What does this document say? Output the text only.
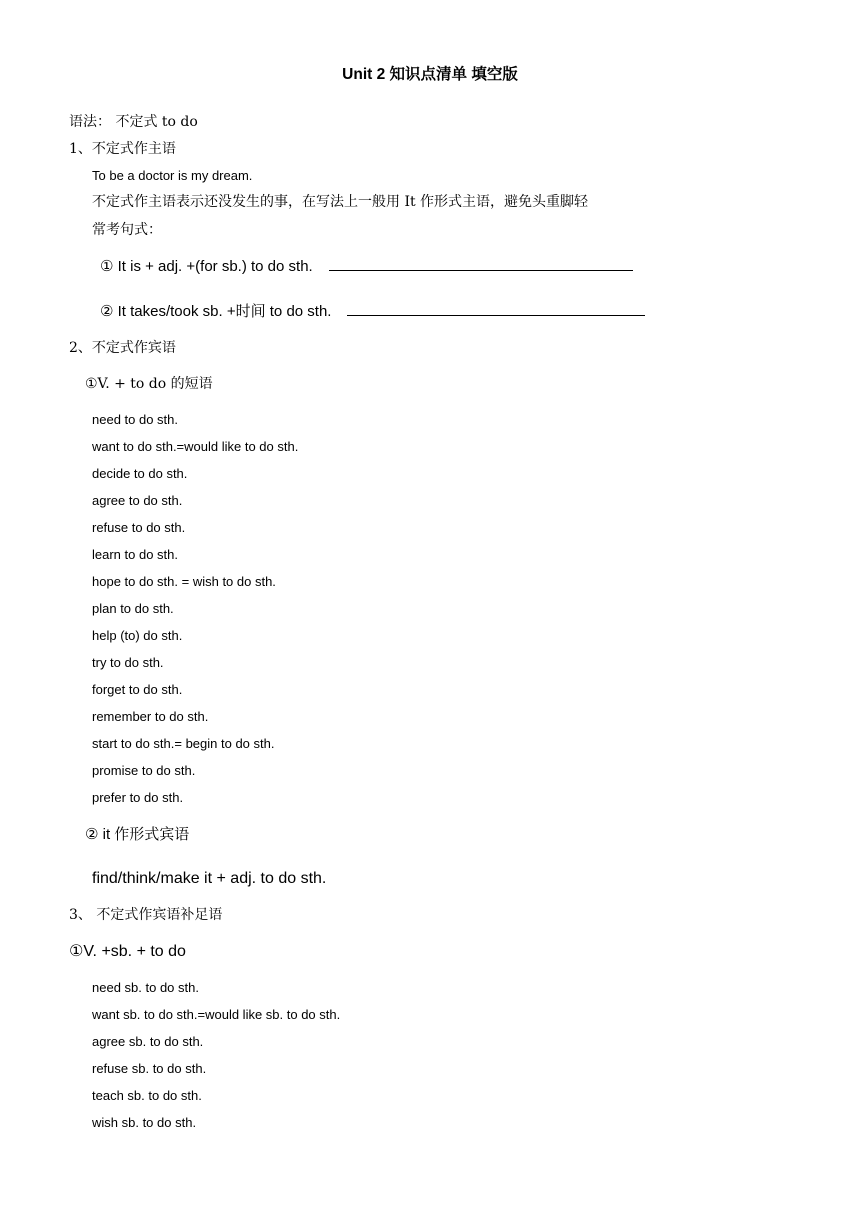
Unit 2 知识点清单 填空版
语法： 不定式 to do
1、不定式作主语
To be a doctor is my dream.
不定式作主语表示还没发生的事，在写法上一般用 It 作形式主语，避免头重脚轻
常考句式：
① It is + adj. +(for sb.) to do sth.
② It takes/took sb. +时间 to do sth.
2、不定式作宾语
①V. + to do 的短语
need to do sth.
want to do sth.=would like to do sth.
decide to do sth.
agree to do sth.
refuse to do sth.
learn to do sth.
hope to do sth. = wish to do sth.
plan to do sth.
help (to) do sth.
try to do sth.
forget to do sth.
remember to do sth.
start to do sth.= begin to do sth.
promise to do sth.
prefer to do sth.
② it 作形式宾语
find/think/make it + adj. to do sth.
3、 不定式作宾语补足语
①V. +sb. + to do
need sb. to do sth.
want sb. to do sth.=would like sb. to do sth.
agree sb. to do sth.
refuse sb. to do sth.
teach sb. to do sth.
wish sb. to do sth.
